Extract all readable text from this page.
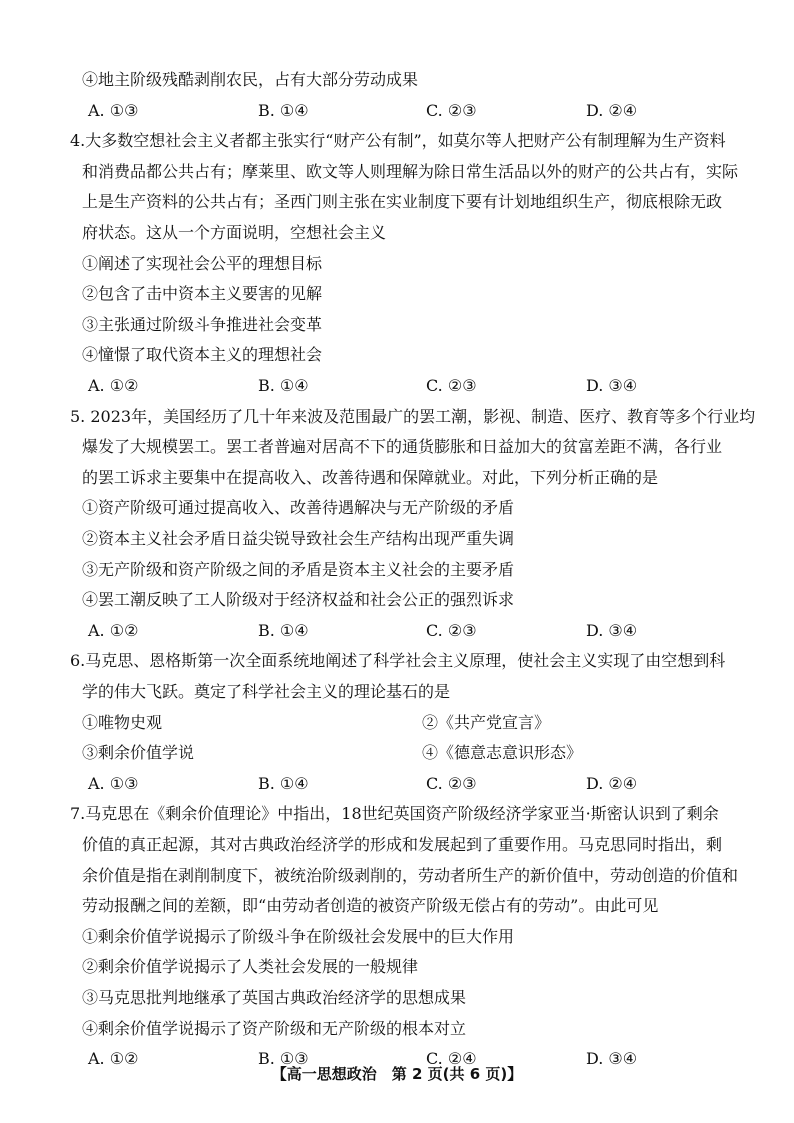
④地主阶级残酷剥削农民，占有大部分劳动成果
A. ①③	B. ①④	C. ②③	D. ②④
4.大多数空想社会主义者都主张实行“财产公有制”，如莫尔等人把财产公有制理解为生产资料
和消费品都公共占有；摩莱里、欧文等人则理解为除日常生活品以外的财产的公共占有，实际
上是生产资料的公共占有；圣西门则主张在实业制度下要有计划地组织生产，彻底根除无政
府状态。这从一个方面说明，空想社会主义
①阐述了实现社会公平的理想目标
②包含了击中资本主义要害的见解
③主张通过阶级斗争推进社会变革
④憧憬了取代资本主义的理想社会
A. ①②	B. ①④	C. ②③	D. ③④
5. 2023年，美国经历了几十年来波及范围最广的罢工潮，影视、制造、医疗、教育等多个行业均
爆发了大规模罢工。罢工者普遍对居高不下的通货膨胀和日益加大的贫富差距不满，各行业
的罢工诉求主要集中在提高收入、改善待遇和保障就业。对此，下列分析正确的是
①资产阶级可通过提高收入、改善待遇解决与无产阶级的矛盾
②资本主义社会矛盾日益尖锐导致社会生产结构出现严重失调
③无产阶级和资产阶级之间的矛盾是资本主义社会的主要矛盾
④罢工潮反映了工人阶级对于经济权益和社会公正的强烈诉求
A. ①②	B. ①④	C. ②③	D. ③④
6.马克思、恩格斯第一次全面系统地阐述了科学社会主义原理，使社会主义实现了由空想到科
学的伟大飞跃。奠定了科学社会主义的理论基石的是
①唯物史观	②《共产党宣言》
③剩余价值学说	④《德意志意识形态》
A. ①③	B. ①④	C. ②③	D. ②④
7.马克思在《剩余价值理论》中指出，18世纪英国资产阶级经济学家亚当·斯密认识到了剩余
价值的真正起源，其对古典政治经济学的形成和发展起到了重要作用。马克思同时指出，剩
余价值是指在剥削制度下，被统治阶级剥削的，劳动者所生产的新价值中，劳动创造的价值和
劳动报酬之间的差额，即“由劳动者创造的被资产阶级无偿占有的劳动”。由此可见
①剩余价值学说揭示了阶级斗争在阶级社会发展中的巨大作用
②剩余价值学说揭示了人类社会发展的一般规律
③马克思批判地继承了英国古典政治经济学的思想成果
④剩余价值学说揭示了资产阶级和无产阶级的根本对立
A. ①②	B. ①③	C. ②④	D. ③④
【高一思想政治　第 2 页(共 6 页)】
